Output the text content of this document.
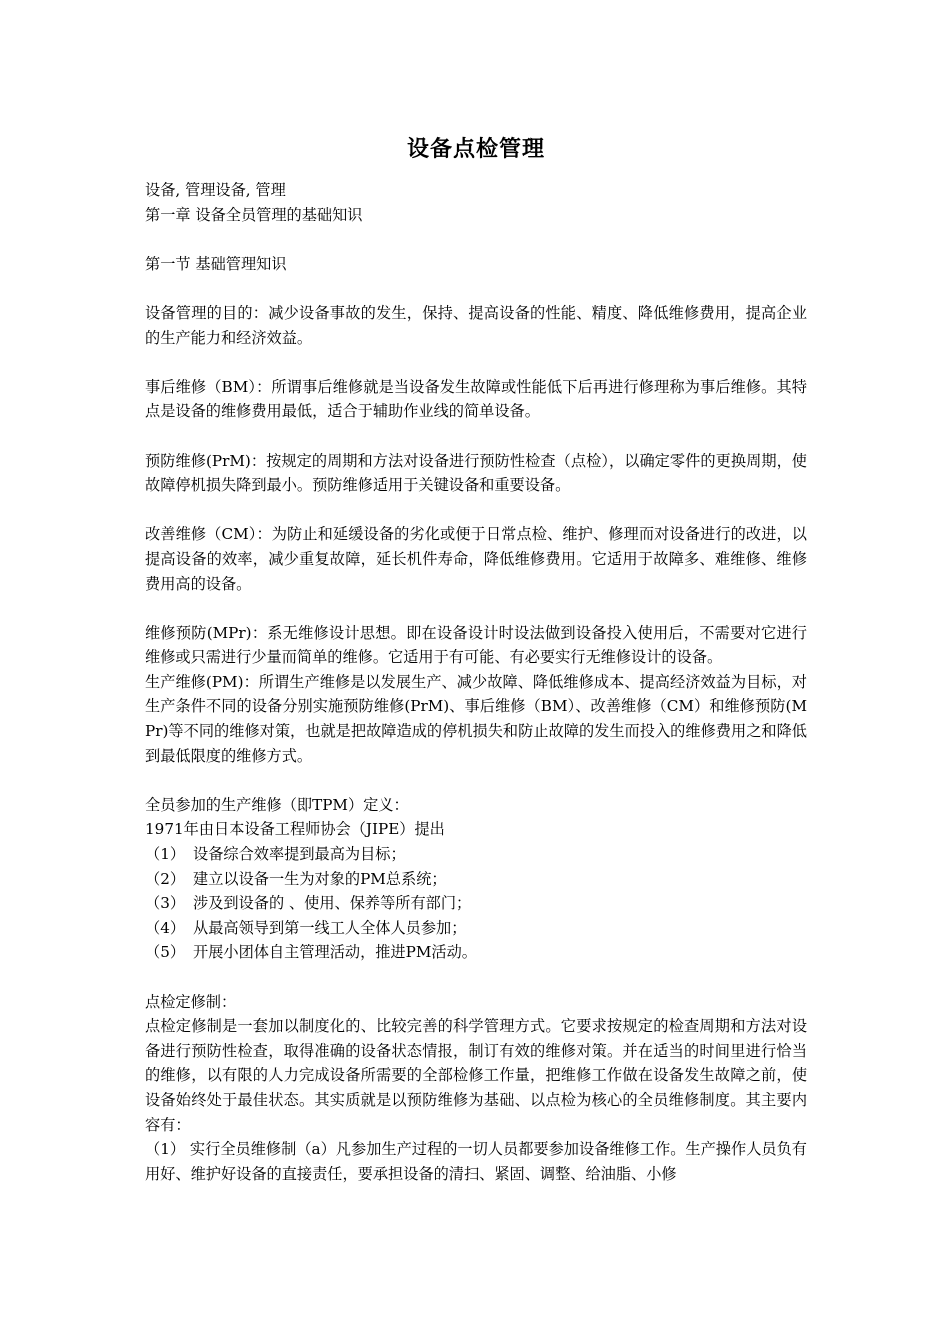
设备点检管理

设备, 管理设备, 管理

第一章 设备全员管理的基础知识

第一节 基础管理知识

设备管理的目的：减少设备事故的发生，保持、提高设备的性能、精度、降低维修费用，提高企业的生产能力和经济效益。

事后维修（BM）：所谓事后维修就是当设备发生故障或性能低下后再进行修理称为事后维修。其特点是设备的维修费用最低，适合于辅助作业线的简单设备。

预防维修(PrM)：按规定的周期和方法对设备进行预防性检查（点检），以确定零件的更换周期，使故障停机损失降到最小。预防维修适用于关键设备和重要设备。

改善维修（CM）：为防止和延缓设备的劣化或便于日常点检、维护、修理而对设备进行的改进，以提高设备的效率，减少重复故障，延长机件寿命，降低维修费用。它适用于故障多、难维修、维修费用高的设备。

维修预防(MPr)：系无维修设计思想。即在设备设计时设法做到设备投入使用后，不需要对它进行维修或只需进行少量而简单的维修。它适用于有可能、有必要实行无维修设计的设备。

生产维修(PM)：所谓生产维修是以发展生产、减少故障、降低维修成本、提高经济效益为目标，对生产条件不同的设备分别实施预防维修(PrM)、事后维修（BM）、改善维修（CM）和维修预防(MPr)等不同的维修对策，也就是把故障造成的停机损失和防止故障的发生而投入的维修费用之和降低到最低限度的维修方式。

全员参加的生产维修（即TPM）定义：

1971年由日本设备工程师协会（JIPE）提出

（1） 设备综合效率提到最高为目标；

（2） 建立以设备一生为对象的PM总系统；

（3） 涉及到设备的 、使用、保养等所有部门；

（4） 从最高领导到第一线工人全体人员参加；

（5） 开展小团体自主管理活动，推进PM活动。

点检定修制：

点检定修制是一套加以制度化的、比较完善的科学管理方式。它要求按规定的检查周期和方法对设备进行预防性检查，取得准确的设备状态情报，制订有效的维修对策。并在适当的时间里进行恰当的维修，以有限的人力完成设备所需要的全部检修工作量，把维修工作做在设备发生故障之前，使设备始终处于最佳状态。其实质就是以预防维修为基础、以点检为核心的全员维修制度。其主要内容有：

（1） 实行全员维修制（a）凡参加生产过程的一切人员都要参加设备维修工作。生产操作人员负有用好、维护好设备的直接责任，要承担设备的清扫、紧固、调整、给油脂、小修
